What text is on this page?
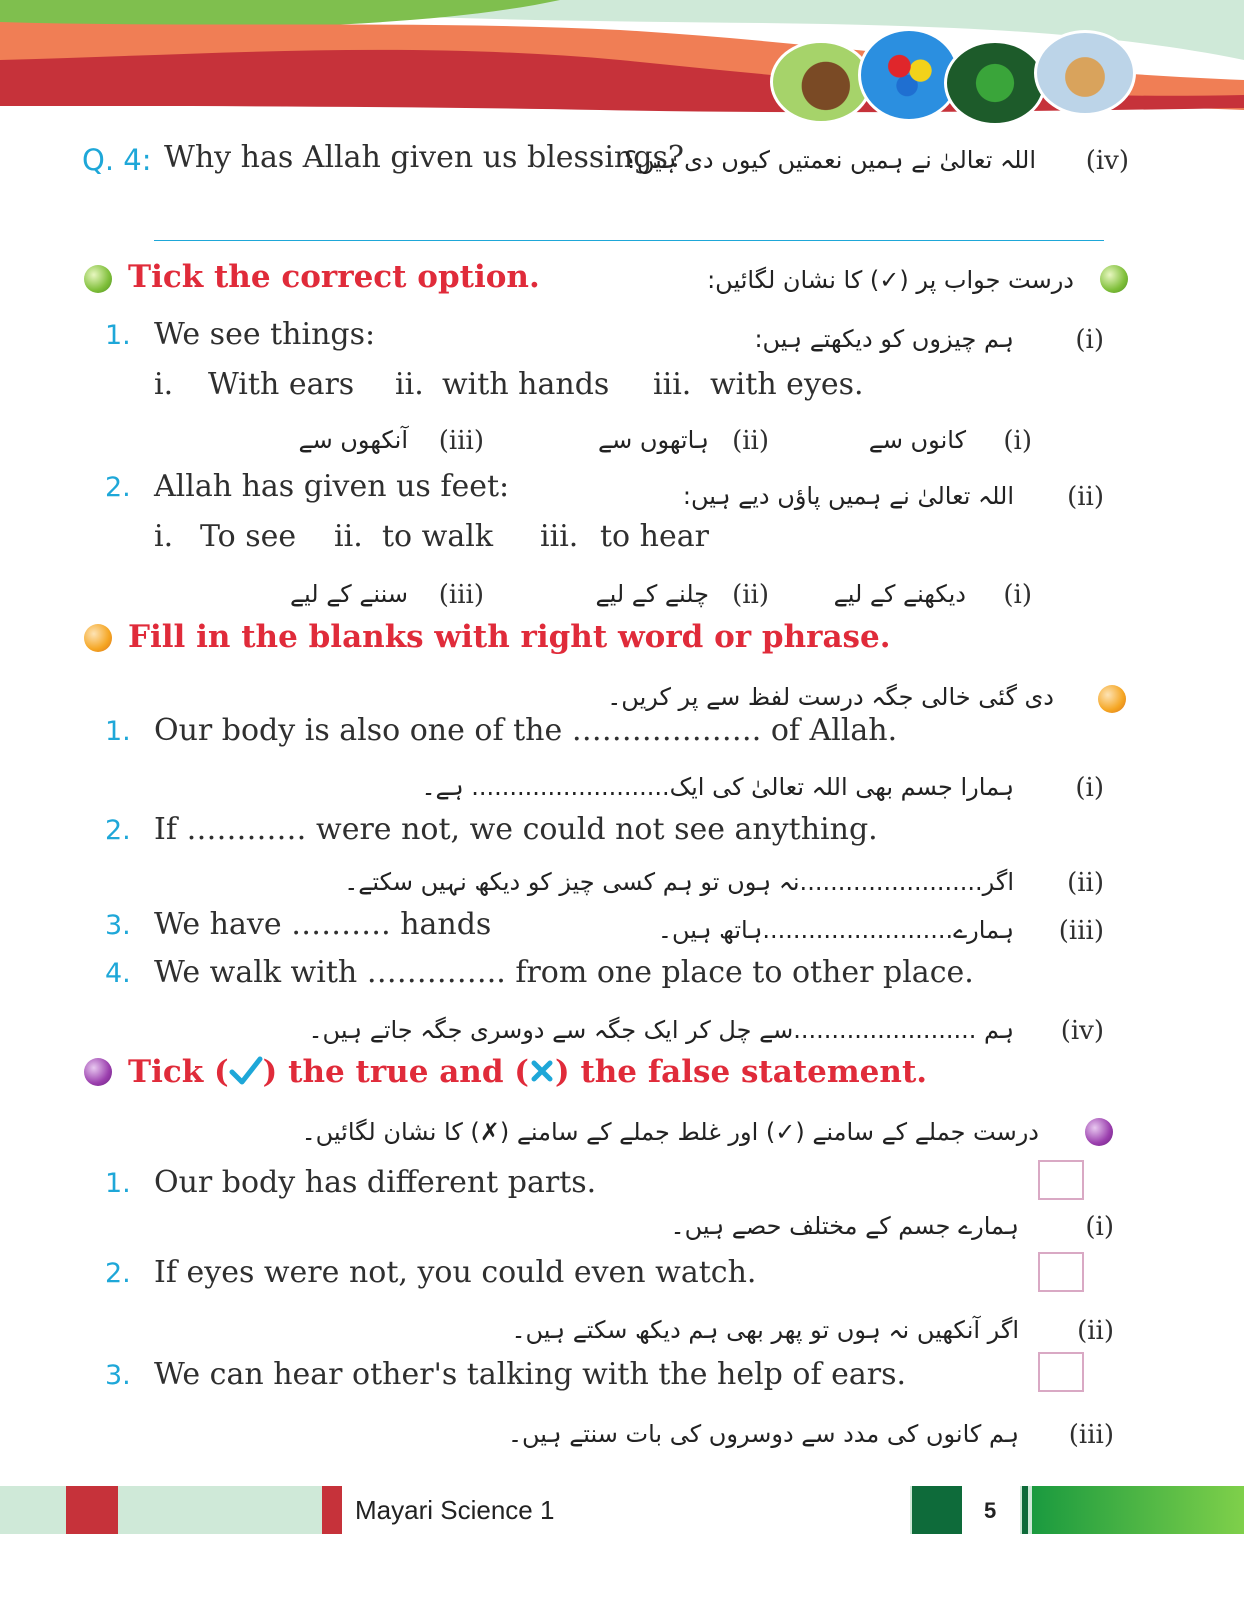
Q. 4: Why has Allah given us blessings?
اللہ تعالیٰ نے ہمیں نعمتیں کیوں دی ہیں؟ (iv)
Tick the correct option.	درست جواب پر (✓) کا نشان لگائیں:
1. We see things:	ہم چیزوں کو دیکھتے ہیں: (i)
i. With ears ii. with hands iii. with eyes.
(i)
کانوں سے
(ii)
ہاتھوں سے
(iii)
آنکھوں سے
2. Allah has given us feet:	اللہ تعالیٰ نے ہمیں پاؤں دیے ہیں: (ii)
i. To see ii. to walk iii. to hear
(i)
دیکھنے کے لیے
(ii)
چلنے کے لیے
(iii)
سننے کے لیے
Fill in the blanks with right word or phrase.
دی گئی خالی جگہ درست لفظ سے پر کریں۔
1. Our body is also one of the ………………. of Allah.
ہمارا جسم بھی اللہ تعالیٰ کی ایک.......................... ہے۔ (i)
2. If ………… were not, we could not see anything.
اگر........................نہ ہوں تو ہم کسی چیز کو دیکھ نہیں سکتے۔ (ii)
3. We have ………. hands	ہمارے.........................ہاتھ ہیں۔ (iii)
4. We walk with ………….. from one place to other place.
ہم ........................سے چل کر ایک جگہ سے دوسری جگہ جاتے ہیں۔ (iv)
Tick ( ) the true and ( ) the false statement.
درست جملے کے سامنے (✓) اور غلط جملے کے سامنے (✗) کا نشان لگائیں۔
1. Our body has different parts.
ہمارے جسم کے مختلف حصے ہیں۔	(i)
2. If eyes were not, you could even watch.
اگر آنکھیں نہ ہوں تو پھر بھی ہم دیکھ سکتے ہیں۔ (ii)
3. We can hear other's talking with the help of ears.
ہم کانوں کی مدد سے دوسروں کی بات سنتے ہیں۔ (iii)
Mayari Science 1	5
